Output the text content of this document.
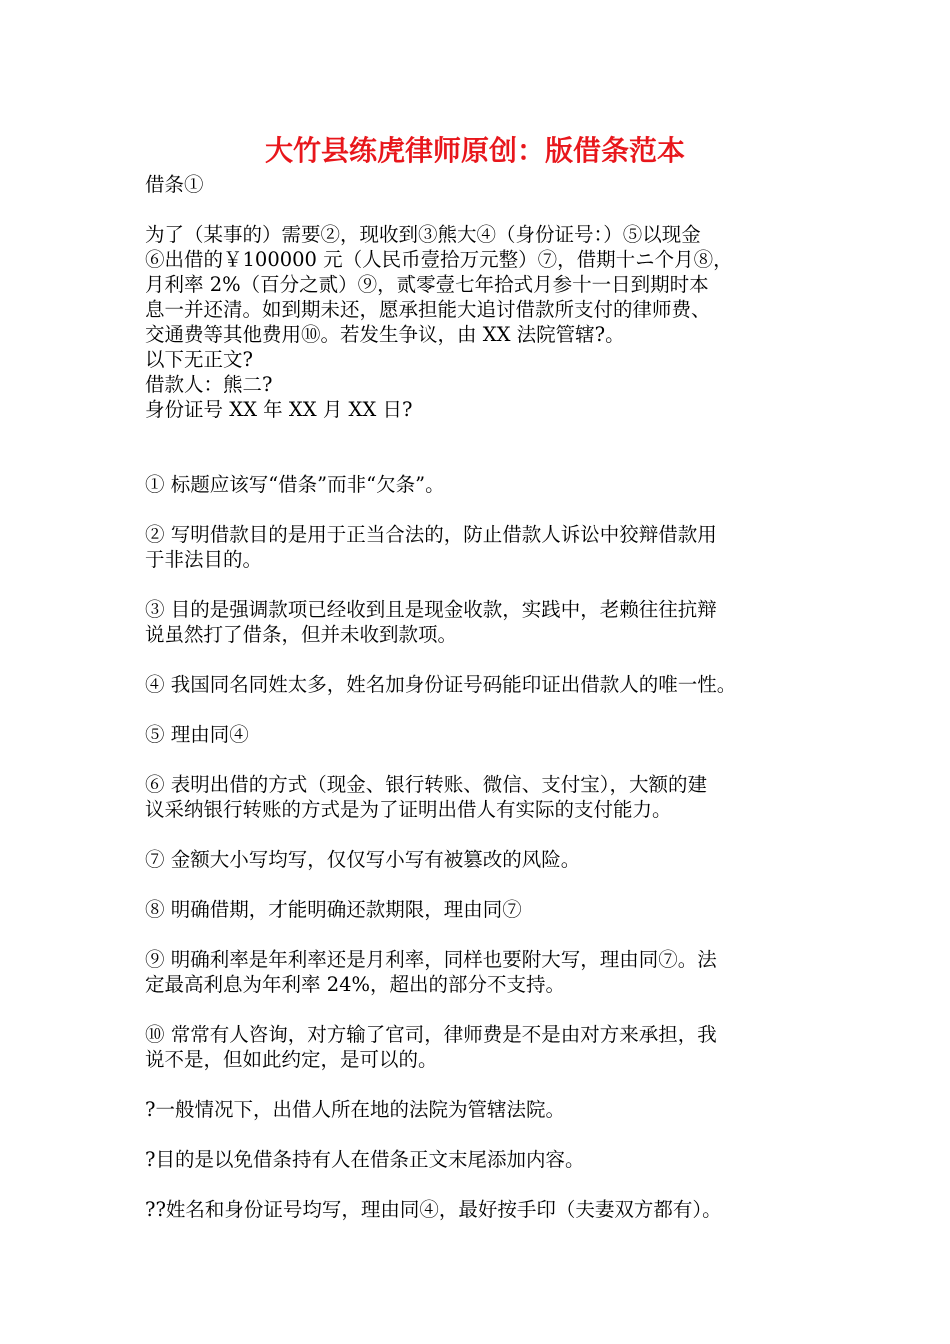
大竹县练虎律师原创：版借条范本

借条①

为了（某事的）需要②，现收到③熊大④（身份证号：）⑤以现金

⑥出借的￥100000 元（人民币壹拾万元整）⑦，借期十ニ个月⑧，

月利率 2%（百分之贰）⑨，贰零壹七年拾式月参十一日到期时本

息一并还清。如到期未还，愿承担能大追讨借款所支付的律师费、

交通费等其他费用⑩。若发生争议，由 XX 法院管辖?。

以下无正文?

借款人：熊二?

身份证号 XX 年 XX 月 XX 日?

① 标题应该写“借条”而非“欠条”。

② 写明借款目的是用于正当合法的，防止借款人诉讼中狡辩借款用

于非法目的。

③ 目的是强调款项已经收到且是现金收款，实践中，老赖往往抗辩

说虽然打了借条，但并未收到款项。

④ 我国同名同姓太多，姓名加身份证号码能印证出借款人的唯一性。

⑤ 理由同④

⑥ 表明出借的方式（现金、银行转账、微信、支付宝），大额的建

议采纳银行转账的方式是为了证明出借人有实际的支付能力。

⑦ 金额大小写均写，仅仅写小写有被篡改的风险。

⑧ 明确借期，才能明确还款期限，理由同⑦

⑨ 明确利率是年利率还是月利率，同样也要附大写，理由同⑦。法

定最高利息为年利率 24%，超出的部分不支持。

⑩ 常常有人咨询，对方输了官司，律师费是不是由对方来承担，我

说不是，但如此约定，是可以的。

?一般情况下，出借人所在地的法院为管辖法院。

?目的是以免借条持有人在借条正文末尾添加内容。

??姓名和身份证号均写，理由同④，最好按手印（夫妻双方都有）。
